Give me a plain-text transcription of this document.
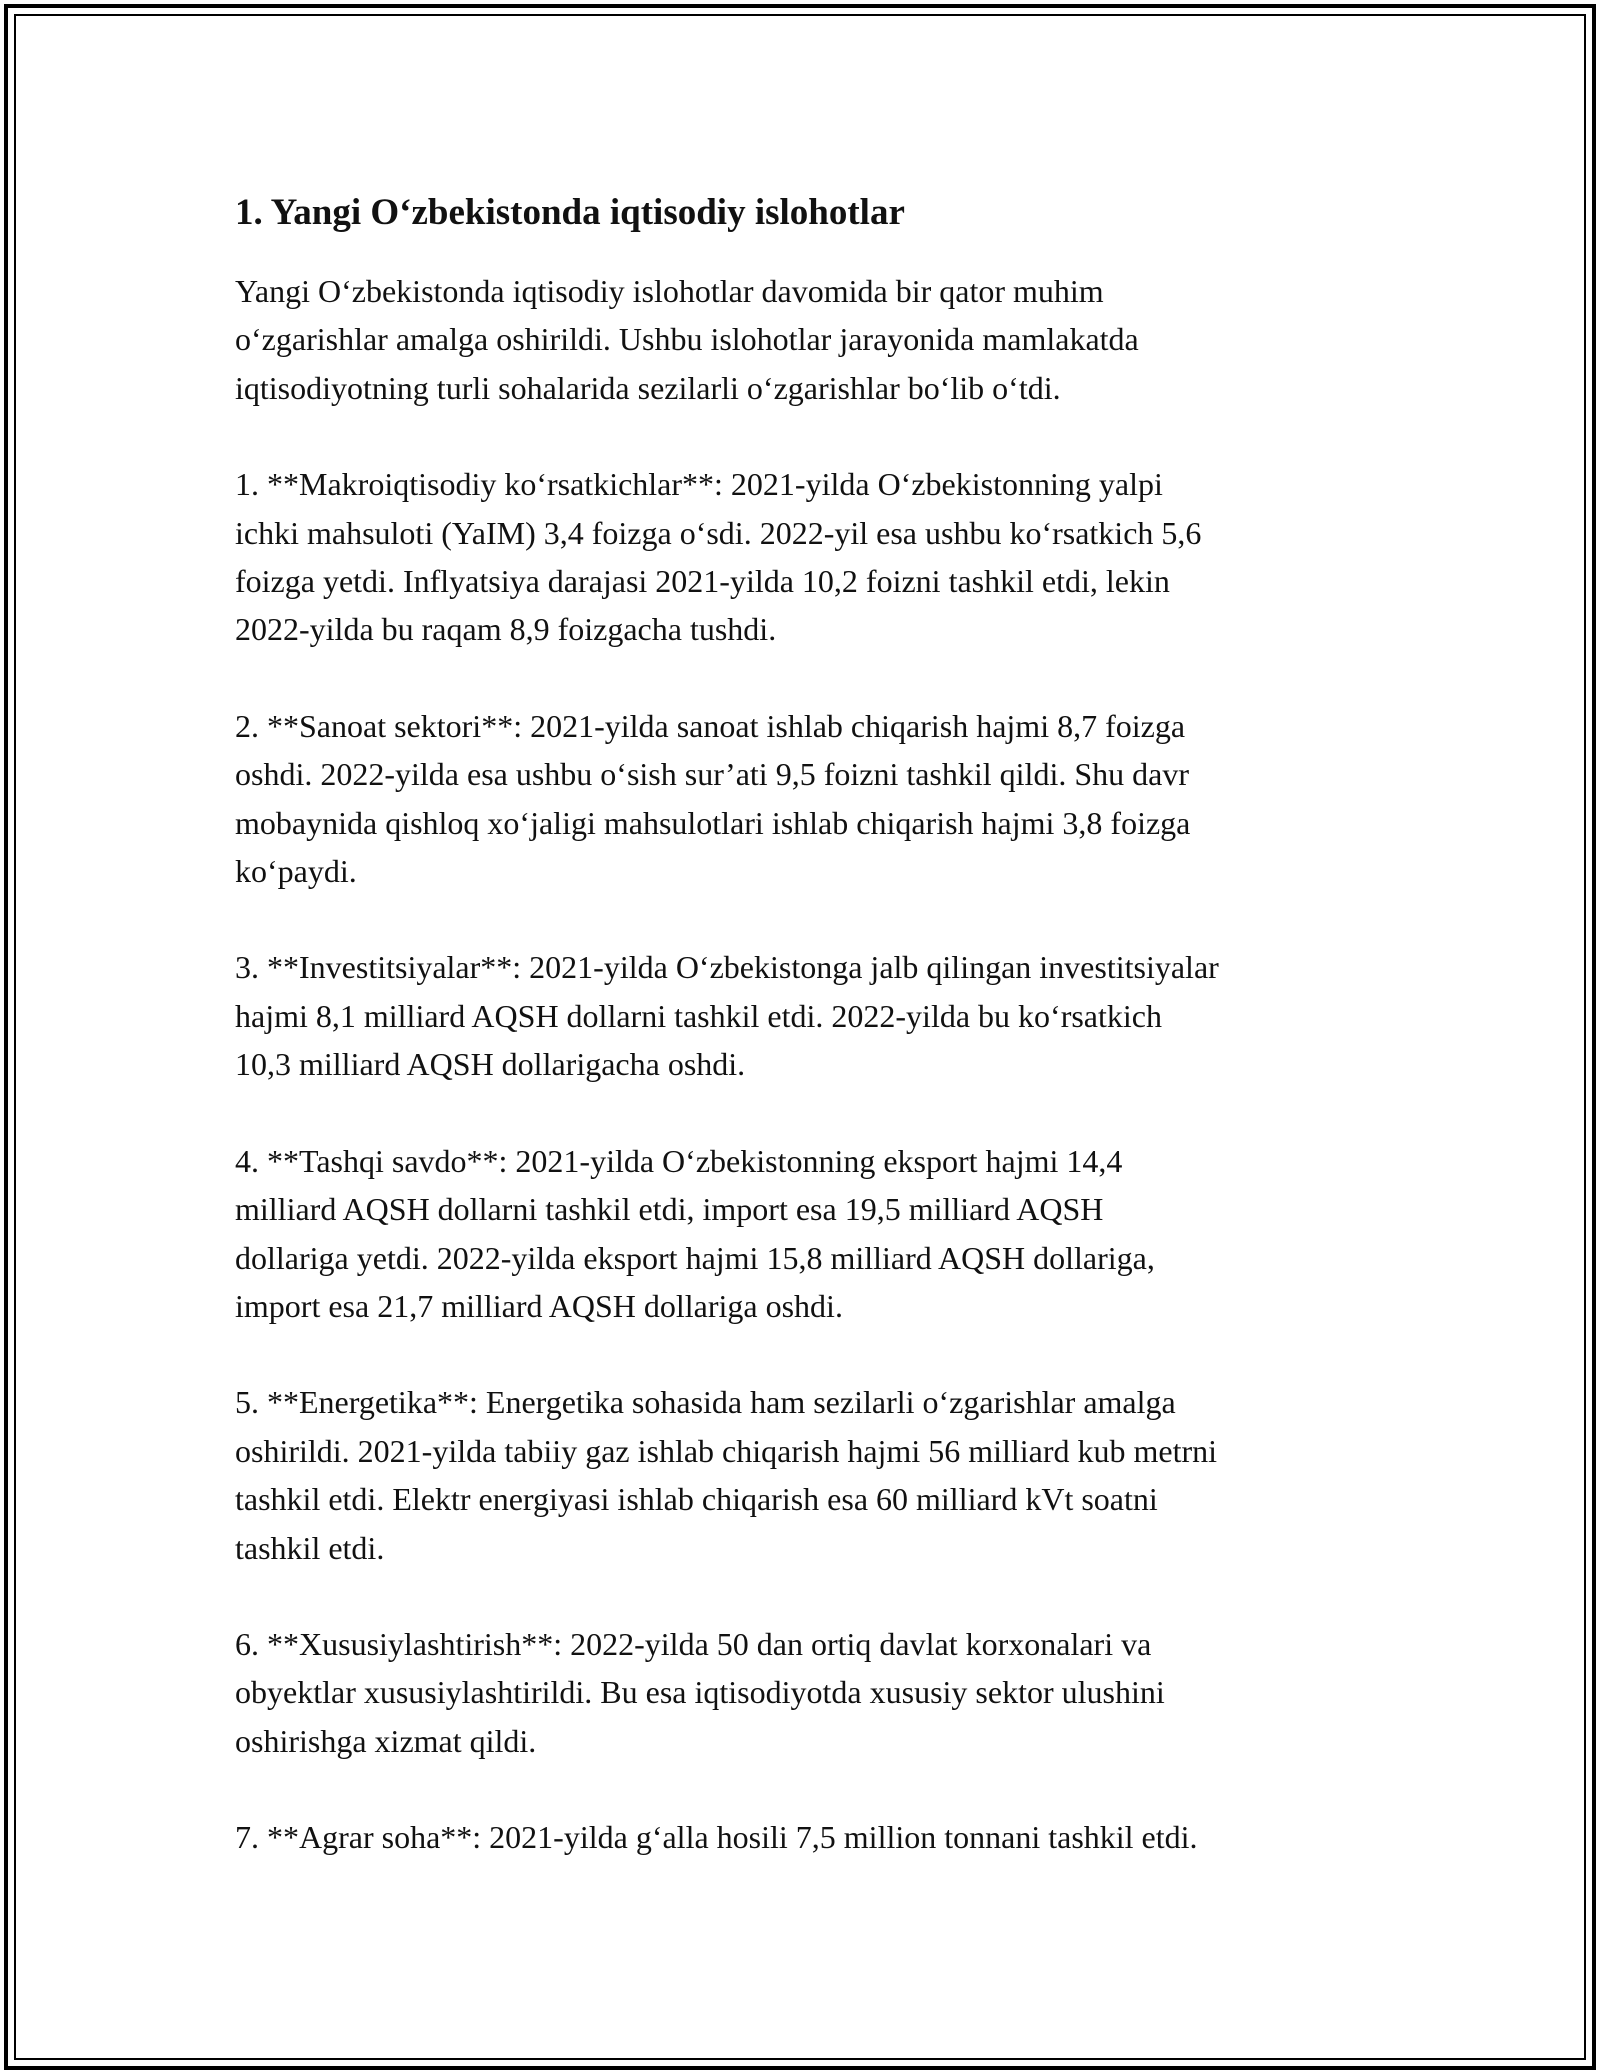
1. Yangi O‘zbekistonda iqtisodiy islohotlar

Yangi O‘zbekistonda iqtisodiy islohotlar davomida bir qator muhim
o‘zgarishlar amalga oshirildi. Ushbu islohotlar jarayonida mamlakatda
iqtisodiyotning turli sohalarida sezilarli o‘zgarishlar bo‘lib o‘tdi.

1. **Makroiqtisodiy ko‘rsatkichlar**: 2021-yilda O‘zbekistonning yalpi
ichki mahsuloti (YaIM) 3,4 foizga o‘sdi. 2022-yil esa ushbu ko‘rsatkich 5,6
foizga yetdi. Inflyatsiya darajasi 2021-yilda 10,2 foizni tashkil etdi, lekin
2022-yilda bu raqam 8,9 foizgacha tushdi.

2. **Sanoat sektori**: 2021-yilda sanoat ishlab chiqarish hajmi 8,7 foizga
oshdi. 2022-yilda esa ushbu o‘sish sur’ati 9,5 foizni tashkil qildi. Shu davr
mobaynida qishloq xo‘jaligi mahsulotlari ishlab chiqarish hajmi 3,8 foizga
ko‘paydi.

3. **Investitsiyalar**: 2021-yilda O‘zbekistonga jalb qilingan investitsiyalar
hajmi 8,1 milliard AQSH dollarni tashkil etdi. 2022-yilda bu ko‘rsatkich
10,3 milliard AQSH dollarigacha oshdi.

4. **Tashqi savdo**: 2021-yilda O‘zbekistonning eksport hajmi 14,4
milliard AQSH dollarni tashkil etdi, import esa 19,5 milliard AQSH
dollariga yetdi. 2022-yilda eksport hajmi 15,8 milliard AQSH dollariga,
import esa 21,7 milliard AQSH dollariga oshdi.

5. **Energetika**: Energetika sohasida ham sezilarli o‘zgarishlar amalga
oshirildi. 2021-yilda tabiiy gaz ishlab chiqarish hajmi 56 milliard kub metrni
tashkil etdi. Elektr energiyasi ishlab chiqarish esa 60 milliard kVt soatni
tashkil etdi.

6. **Xususiylashtirish**: 2022-yilda 50 dan ortiq davlat korxonalari va
obyektlar xususiylashtirildi. Bu esa iqtisodiyotda xususiy sektor ulushini
oshirishga xizmat qildi.

7. **Agrar soha**: 2021-yilda g‘alla hosili 7,5 million tonnani tashkil etdi.
